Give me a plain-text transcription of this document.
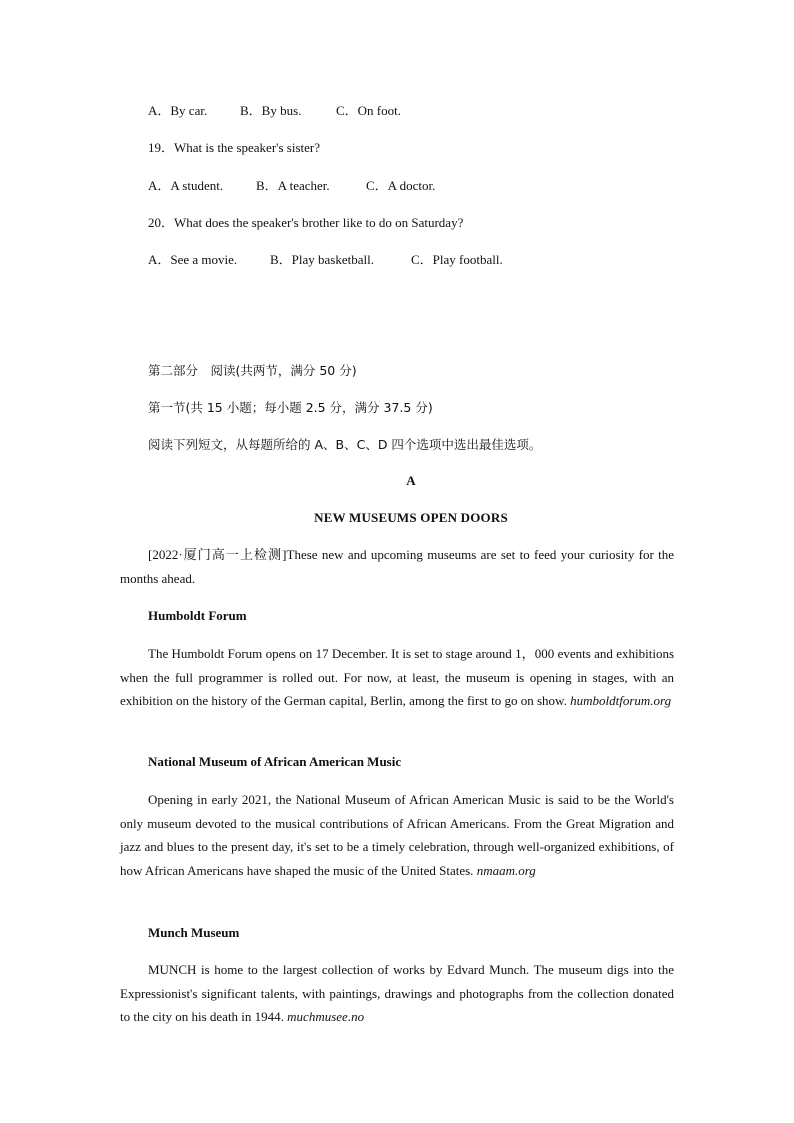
A．By car.	B．By bus.	C．On foot.
19．What is the speaker's sister?
A．A student.	B．A teacher.	C．A doctor.
20．What does the speaker's brother like to do on Saturday?
A．See a movie.	B．Play basketball.	C．Play football.
第二部分　阅读(共两节，满分 50 分)
第一节(共 15 小题；每小题 2.5 分，满分 37.5 分)
阅读下列短文，从每题所给的 A、B、C、D 四个选项中选出最佳选项。
A
NEW MUSEUMS OPEN DOORS
[2022·厦门高一上检测]These new and upcoming museums are set to feed your curiosity for the months ahead.
Humboldt Forum
The Humboldt Forum opens on 17 December. It is set to stage around 1，000 events and exhibitions when the full programmer is rolled out. For now, at least, the museum is opening in stages, with an exhibition on the history of the German capital, Berlin, among the first to go on show. humboldtforum.org
National Museum of African American Music
Opening in early 2021, the National Museum of African American Music is said to be the World's only museum devoted to the musical contributions of African Americans. From the Great Migration and jazz and blues to the present day, it's set to be a timely celebration, through well-organized exhibitions, of how African Americans have shaped the music of the United States. nmaam.org
Munch Museum
MUNCH is home to the largest collection of works by Edvard Munch. The museum digs into the Expressionist's significant talents, with paintings, drawings and photographs from the collection donated to the city on his death in 1944. muchmusee.no
